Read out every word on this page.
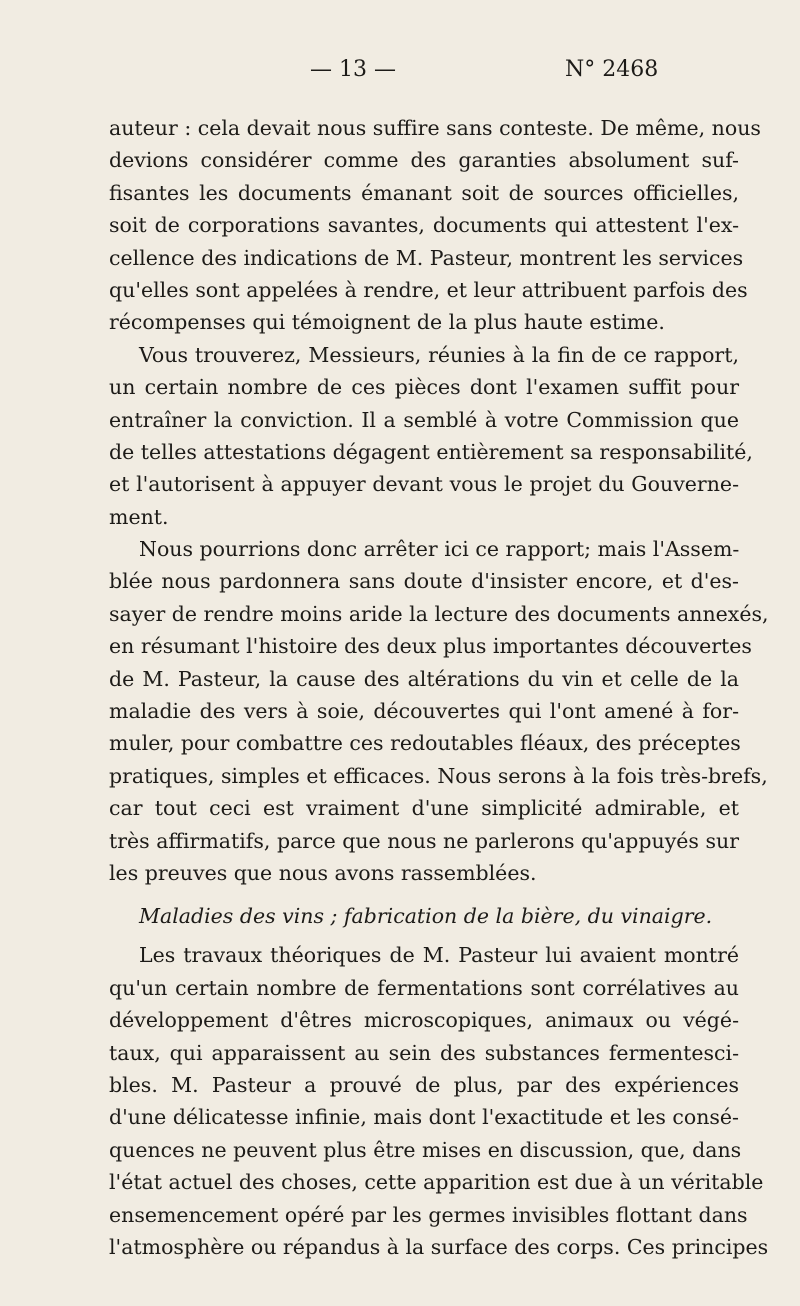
— 13 —	N° 2468
auteur : cela devait nous suffire sans conteste. De même, nous
devions considérer comme des garanties absolument suf-
fisantes les documents émanant soit de sources officielles,
soit de corporations savantes, documents qui attestent l'ex-
cellence des indications de M. Pasteur, montrent les services
qu'elles sont appelées à rendre, et leur attribuent parfois des
récompenses qui témoignent de la plus haute estime.
Vous trouverez, Messieurs, réunies à la fin de ce rapport,
un certain nombre de ces pièces dont l'examen suffit pour
entraîner la conviction. Il a semblé à votre Commission que
de telles attestations dégagent entièrement sa responsabilité,
et l'autorisent à appuyer devant vous le projet du Gouverne-
ment.
Nous pourrions donc arrêter ici ce rapport; mais l'Assem-
blée nous pardonnera sans doute d'insister encore, et d'es-
sayer de rendre moins aride la lecture des documents annexés,
en résumant l'histoire des deux plus importantes découvertes
de M. Pasteur, la cause des altérations du vin et celle de la
maladie des vers à soie, découvertes qui l'ont amené à for-
muler, pour combattre ces redoutables fléaux, des préceptes
pratiques, simples et efficaces. Nous serons à la fois très-brefs,
car tout ceci est vraiment d'une simplicité admirable, et
très affirmatifs, parce que nous ne parlerons qu'appuyés sur
les preuves que nous avons rassemblées.
Maladies des vins ; fabrication de la bière, du vinaigre.
Les travaux théoriques de M. Pasteur lui avaient montré
qu'un certain nombre de fermentations sont corrélatives au
développement d'êtres microscopiques, animaux ou végé-
taux, qui apparaissent au sein des substances fermentesci-
bles. M. Pasteur a prouvé de plus, par des expériences
d'une délicatesse infinie, mais dont l'exactitude et les consé-
quences ne peuvent plus être mises en discussion, que, dans
l'état actuel des choses, cette apparition est due à un véritable
ensemencement opéré par les germes invisibles flottant dans
l'atmosphère ou répandus à la surface des corps. Ces principes
